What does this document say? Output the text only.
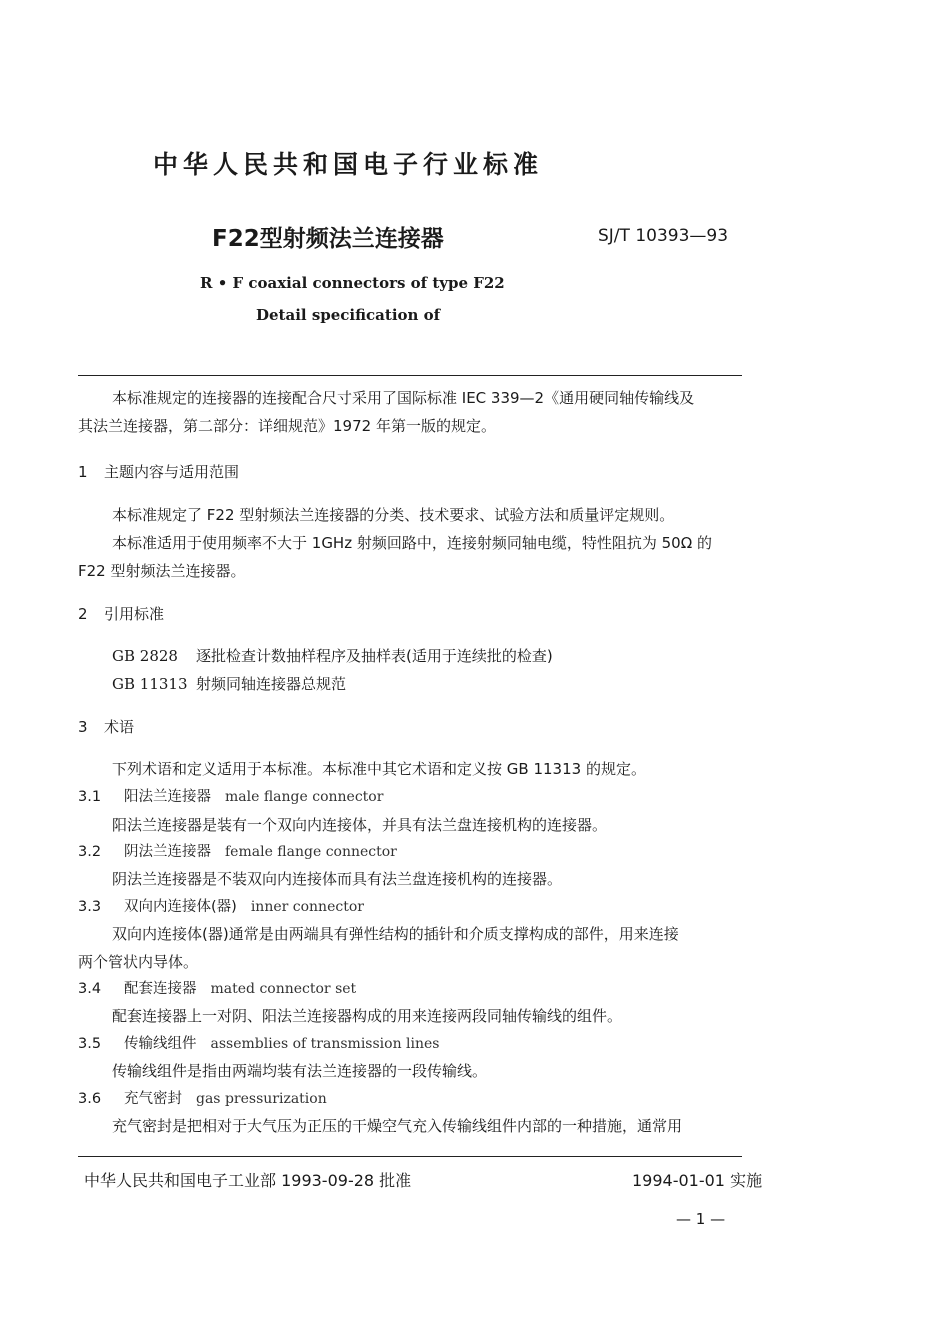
中华人民共和国电子行业标准
F22型射频法兰连接器	SJ/T 10393—93
R • F coaxial connectors of type F22
Detail specification of
本标准规定的连接器的连接配合尺寸采用了国际标准 IEC 339—2《通用硬同轴传输线及
其法兰连接器，第二部分：详细规范》1972 年第一版的规定。
1 主题内容与适用范围
本标准规定了 F22 型射频法兰连接器的分类、技术要求、试验方法和质量评定规则。
本标准适用于使用频率不大于 1GHz 射频回路中，连接射频同轴电缆，特性阻抗为 50Ω 的
F22 型射频法兰连接器。
2 引用标准
GB 2828 逐批检查计数抽样程序及抽样表(适用于连续批的检查)
GB 11313 射频同轴连接器总规范
3 术语
下列术语和定义适用于本标准。本标准中其它术语和定义按 GB 11313 的规定。
3.1 阳法兰连接器 male flange connector
阳法兰连接器是装有一个双向内连接体，并具有法兰盘连接机构的连接器。
3.2 阴法兰连接器 female flange connector
阴法兰连接器是不装双向内连接体而具有法兰盘连接机构的连接器。
3.3 双向内连接体(器) inner connector
双向内连接体(器)通常是由两端具有弹性结构的插针和介质支撑构成的部件，用来连接
两个管状内导体。
3.4 配套连接器 mated connector set
配套连接器上一对阴、阳法兰连接器构成的用来连接两段同轴传输线的组件。
3.5 传输线组件 assemblies of transmission lines
传输线组件是指由两端均装有法兰连接器的一段传输线。
3.6 充气密封 gas pressurization
充气密封是把相对于大气压为正压的干燥空气充入传输线组件内部的一种措施，通常用
中华人民共和国电子工业部 1993-09-28 批准	1994-01-01 实施
— 1 —
